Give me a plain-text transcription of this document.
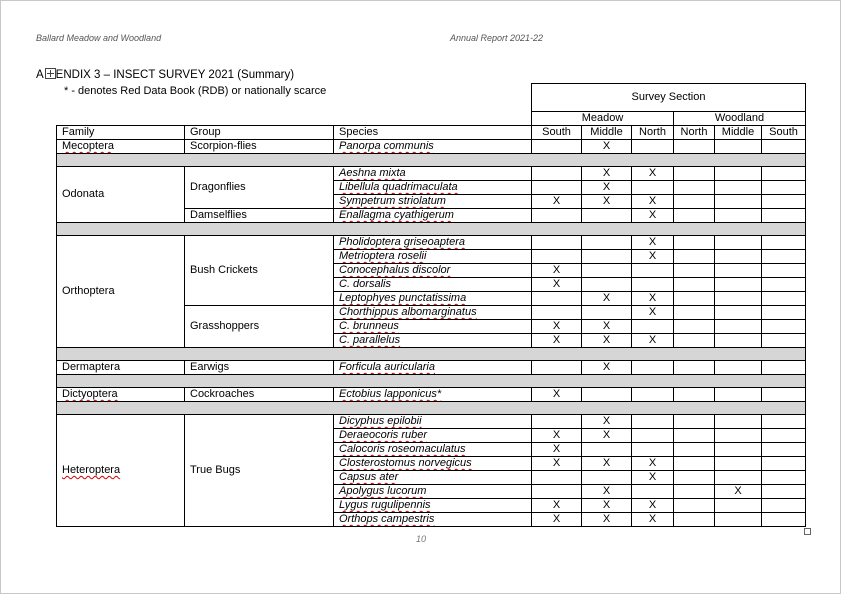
Ballard Meadow and Woodland	Annual Report 2021-22
A ENDIX 3 – INSECT SURVEY 2021 (Summary)
			Survey Section					
			Meadow			Woodland		
Family	Group	Species	South	Middle	North	North	Middle	South
Mecoptera	Scorpion-flies	Panorpa communis		X				

Odonata	Dragonflies	Aeshna mixta		X	X			
		Libellula quadrimaculata		X				
		Sympetrum striolatum	X	X	X			
	Damselflies	Enallagma cyathigerum			X			

Orthoptera	Bush Crickets	Pholidoptera griseoaptera			X			
		Metrioptera roselii			X			
		Conocephalus discolor	X					
		C. dorsalis	X					
		Leptophyes punctatissima		X	X			
	Grasshoppers	Chorthippus albomarginatus			X			
		C. brunneus	X	X				
		C. parallelus	X	X	X			

Dermaptera	Earwigs	Forficula auricularia		X				

Dictyoptera	Cockroaches	Ectobius lapponicus*	X					

Heteroptera	True Bugs	Dicyphus epilobii		X				
		Deraeocoris ruber	X	X				
		Calocoris roseomaculatus	X					
		Closterostomus norvegicus	X	X	X			
		Capsus ater			X			
		Apolygus lucorum		X			X	
		Lygus rugulipennis	X	X	X			
		Orthops campestris	X	X	X			
* - denotes Red Data Book (RDB) or nationally scarce
10
